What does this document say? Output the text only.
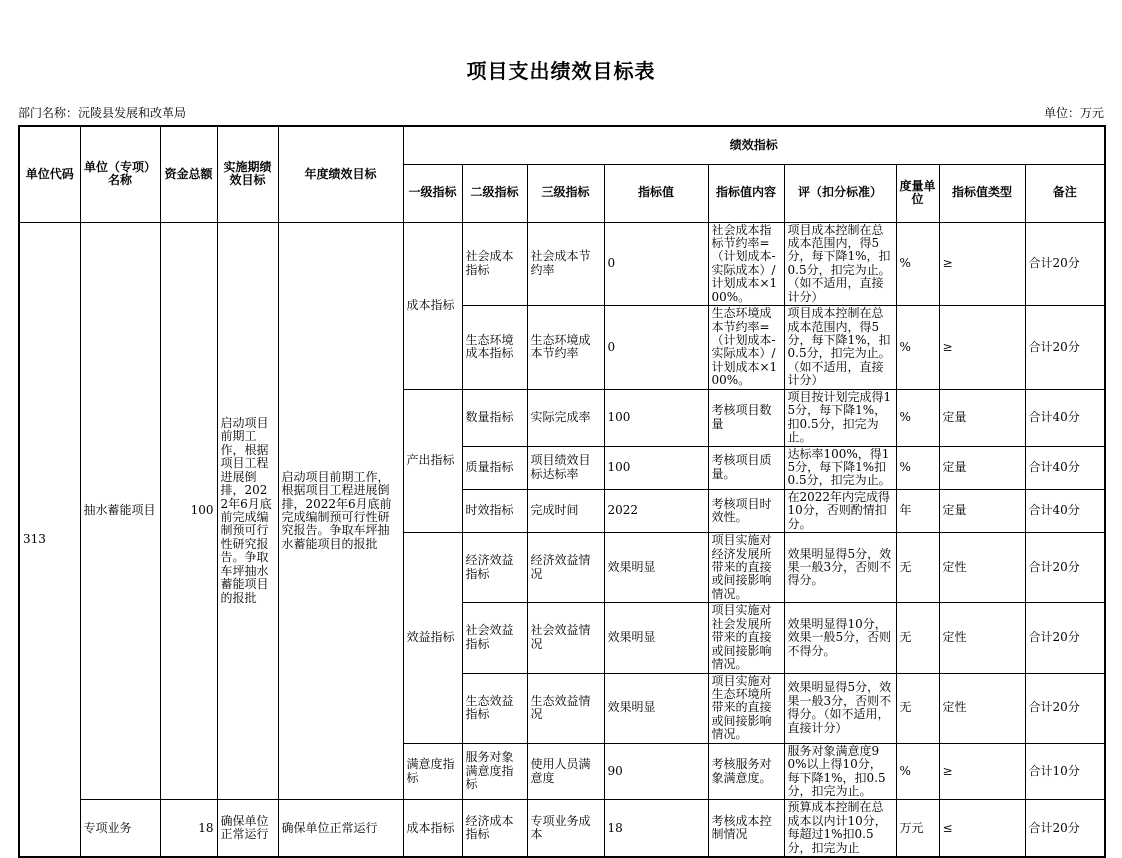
项目支出绩效目标表
部门名称：沅陵县发展和改革局	单位：万元
单位代码	单位（专项）名称	资金总额	实施期绩效目标	年度绩效目标	绩效指标								
					一级指标	二级指标	三级指标	指标值	指标值内容	评（扣分标准）	度量单位	指标值类型	备注
313	抽水蓄能项目	100	启动项目前期工作，根据项目工程进展倒排，2022年6月底前完成编制预可行性研究报告。争取车坪抽水蓄能项目的报批	启动项目前期工作，根据项目工程进展倒排，2022年6月底前完成编制预可行性研究报告。争取车坪抽水蓄能项目的报批	成本指标	社会成本指标	社会成本节约率	0	社会成本指标节约率=（计划成本-实际成本）/计划成本×100%。	项目成本控制在总成本范围内，得5分，每下降1%，扣0.5分，扣完为止。（如不适用，直接计分）	%	≥	合计20分
						生态环境成本指标	生态环境成本节约率	0	生态环境成本节约率=（计划成本-实际成本）/计划成本×100%。	项目成本控制在总成本范围内，得5分，每下降1%，扣0.5分，扣完为止。（如不适用，直接计分）	%	≥	合计20分
					产出指标	数量指标	实际完成率	100	考核项目数量	项目按计划完成得15分，每下降1%，扣0.5分，扣完为止。	%	定量	合计40分
						质量指标	项目绩效目标达标率	100	考核项目质量。	达标率100%，得15分，每下降1%扣0.5分，扣完为止。	%	定量	合计40分
						时效指标	完成时间	2022	考核项目时效性。	在2022年内完成得10分，否则酌情扣分。	年	定量	合计40分
					效益指标	经济效益指标	经济效益情况	效果明显	项目实施对经济发展所带来的直接或间接影响情况。	效果明显得5分，效果一般3分，否则不得分。	无	定性	合计20分
						社会效益指标	社会效益情况	效果明显	项目实施对社会发展所带来的直接或间接影响情况。	效果明显得10分，效果一般5分，否则不得分。	无	定性	合计20分
						生态效益指标	生态效益情况	效果明显	项目实施对生态环境所带来的直接或间接影响情况。	效果明显得5分，效果一般3分，否则不得分。（如不适用，直接计分）	无	定性	合计20分
					满意度指标	服务对象满意度指标	使用人员满意度	90	考核服务对象满意度。	服务对象满意度90%以上得10分，每下降1%，扣0.5分，扣完为止。	%	≥	合计10分
	专项业务	18	确保单位正常运行	确保单位正常运行	成本指标	经济成本指标	专项业务成本	18	考核成本控制情况	预算成本控制在总成本以内计10分，每超过1%扣0.5分，扣完为止	万元	≤	合计20分
